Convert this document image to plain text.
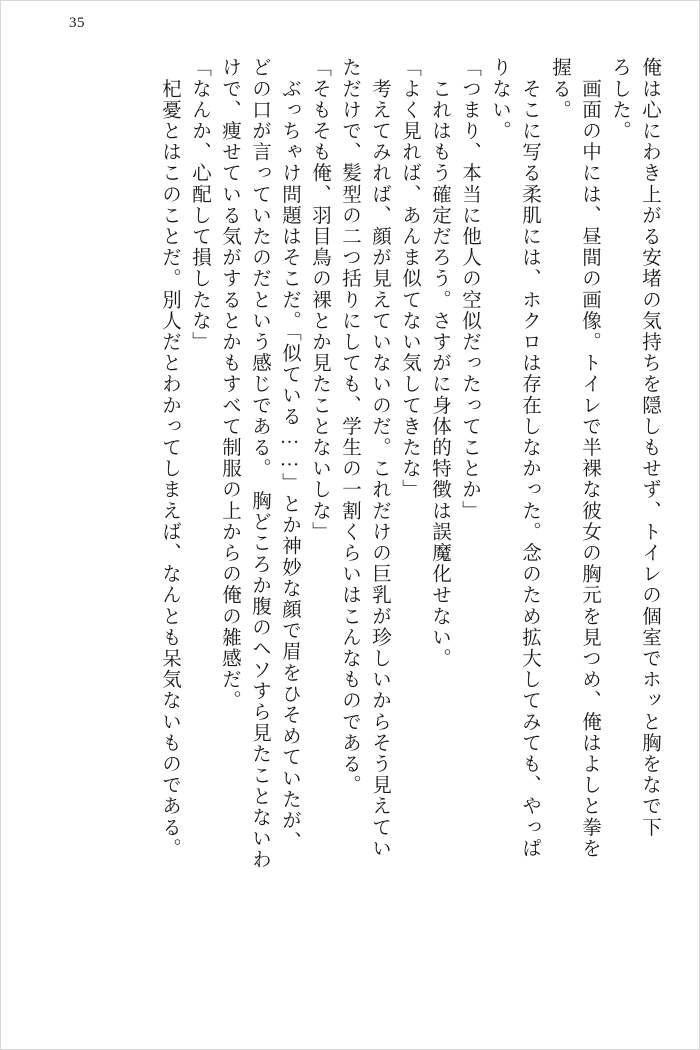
35
俺は心にわき上がる安堵の気持ちを隠しもせず、トイレの個室でホッと胸をなで下
ろした。
　画面の中には、昼間の画像。トイレで半裸な彼女の胸元を見つめ、俺はよしと拳を
握る。
　そこに写る柔肌には、ホクロは存在しなかった。念のため拡大してみても、やっぱ
りない。
「つまり、本当に他人の空似だったってことか」
　これはもう確定だろう。さすがに身体的特徴は誤魔化せない。
「よく見れば、あんま似てない気してきたな」
　考えてみれば、顔が見えていないのだ。これだけの巨乳が珍しいからそう見えてい
ただけで、髪型の二つ括りにしても、学生の一割くらいはこんなものである。
「そもそも俺、羽目鳥の裸とか見たことないしな」
　ぶっちゃけ問題はそこだ。「似ている……」とか神妙な顔で眉をひそめていたが、
どの口が言っていたのだという感じである。　胸どころか腹のヘソすら見たことないわ
けで、痩せている気がするとかもすべて制服の上からの俺の雑感だ。
「なんか、心配して損したな」
　杞憂とはこのことだ。別人だとわかってしまえば、なんとも呆気ないものである。
